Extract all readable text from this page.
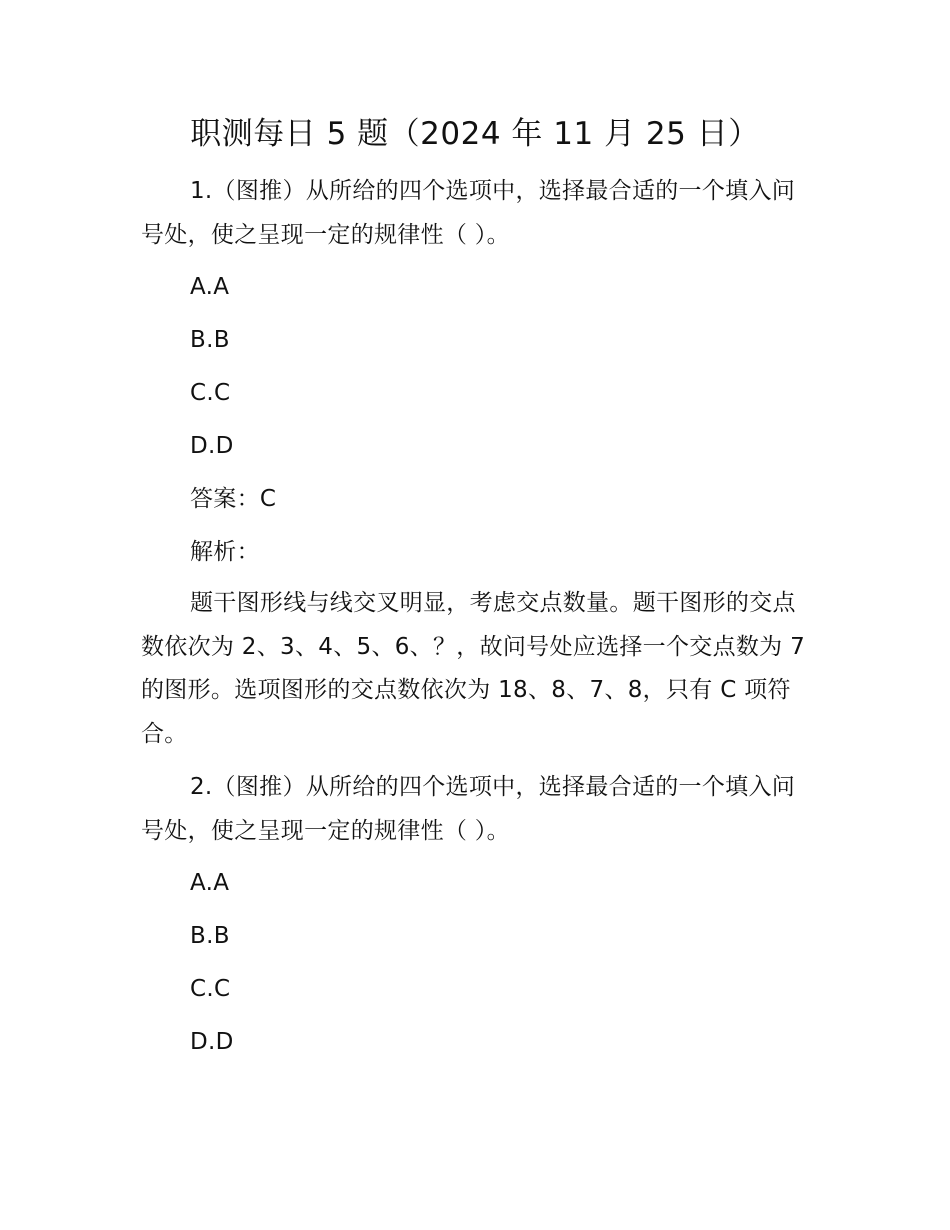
职测每日 5 题（2024 年 11 月 25 日）

1.（图推）从所给的四个选项中，选择最合适的一个填入问号处，使之呈现一定的规律性（ ）。

A.A

B.B

C.C

D.D

答案：C

解析：

题干图形线与线交叉明显，考虑交点数量。题干图形的交点数依次为 2、3、4、5、6、？，故问号处应选择一个交点数为 7 的图形。选项图形的交点数依次为 18、8、7、8，只有 C 项符合。

2.（图推）从所给的四个选项中，选择最合适的一个填入问号处，使之呈现一定的规律性（ ）。

A.A

B.B

C.C

D.D
